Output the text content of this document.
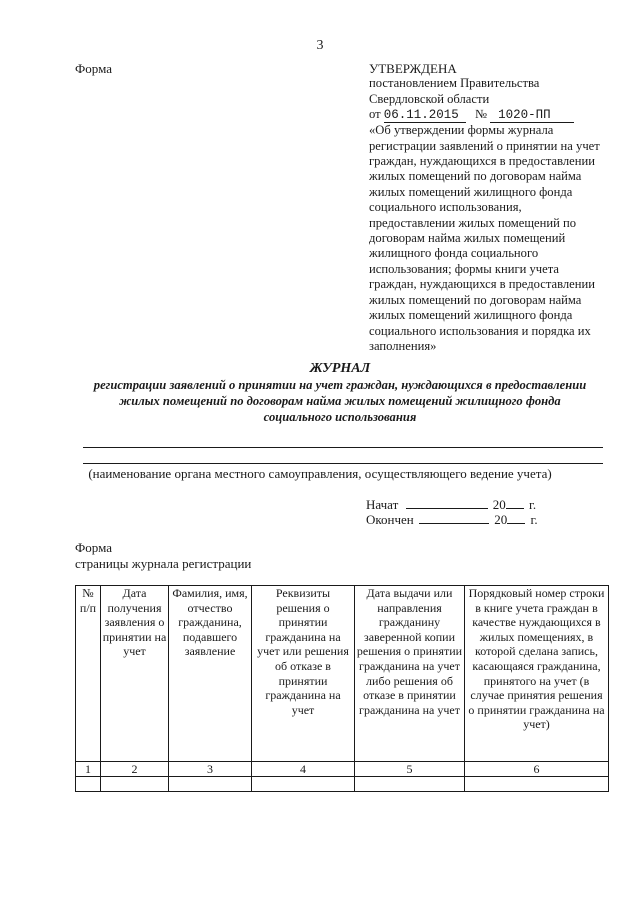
3
Форма	УТВЕРЖДЕНА
постановлением Правительства
Свердловской области
от 06.11.2015 № 1020-ПП
«Об утверждении формы журнала
регистрации заявлений о принятии на учет
граждан, нуждающихся в предоставлении
жилых помещений по договорам найма
жилых помещений жилищного фонда
социального использования,
предоставлении жилых помещений по
договорам найма жилых помещений
жилищного фонда социального
использования; формы книги учета
граждан, нуждающихся в предоставлении
жилых помещений по договорам найма
жилых помещений жилищного фонда
социального использования и порядка их
заполнения»
ЖУРНАЛ
регистрации заявлений о принятии на учет граждан, нуждающихся в предоставлении
жилых помещений по договорам найма жилых помещений жилищного фонда
социального использования
(наименование органа местного самоуправления, осуществляющего ведение учета)
Начат	20 г.
Окончен	20 г.
Форма
страницы журнала регистрации
№ п/п	Дата получения заявления о принятии на учет	Фамилия, имя, отчество гражданина, подавшего заявление	Реквизиты решения о принятии гражданина на учет или решения об отказе в принятии гражданина на учет	Дата выдачи или направления гражданину заверенной копии решения о принятии гражданина на учет либо решения об отказе в принятии гражданина на учет	Порядковый номер строки в книге учета граждан в качестве нуждающихся в жилых помещениях, в которой сделана запись, касающаяся гражданина, принятого на учет (в случае принятия решения о принятии гражданина на учет)
1	2	3	4	5	6
